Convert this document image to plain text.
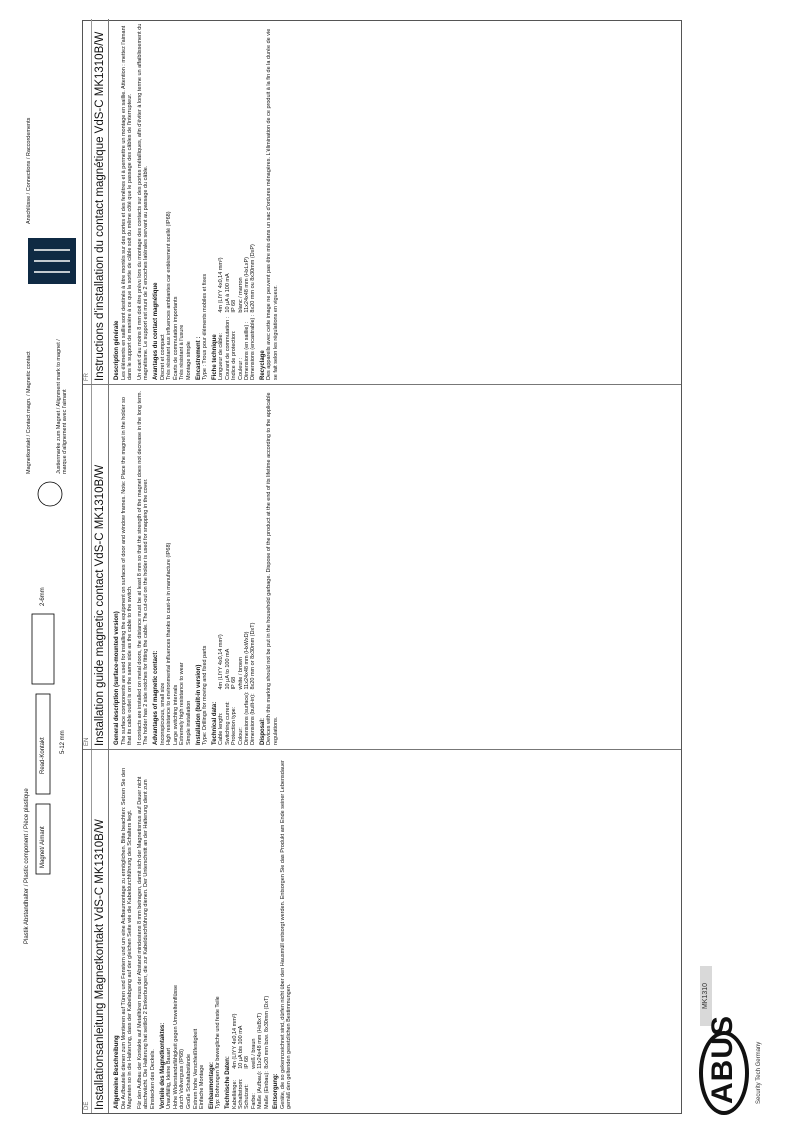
Plastik Abstandhalter / Plastic component / Pièce plastique Magnet/ Aimant
Read-Kontakt
2-6mm
5-12 mm
Justiermarke zum Magnet / Alignment mark to magnet / marque d'alignement avec l'aimant
Magnetkontakt / Contact magn. / Magnetic contact
Anschlüsse / Connections / Raccordements
DE Installationsanleitung Magnetkontakt VdS-C MK1310B/W	Allgemeine Beschreibung Die Aufbauteile dienen zum Montieren auf Türen und Fenstern und um eine Aufbaumontage zu ermöglichen. Bitte beachten: Setzen Sie den Magneten so in die Halterung, dass der Kabelabgang auf der gleichen Seite wie die Kabeldurchführung des Schalters liegt. Für den Aufbau der Kontakte auf Metalltüren muss der Abstand mindestens 8 mm betragen, damit sich der Magnetismus auf Dauer nicht abschwächt. Die Halterung hat seitlich 2 Einkerbungen, die zur Kabeldurchführung dienen. Der Unterschnitt an der Halterung dient zum Einstecken des Deckels. Vorteile des Magnetkontaktes: Unauffällig, kleine Bauart Hohe Widerstandsfähigkeit gegen Umwelteinflüsse durch Vollverguss (IP68) Große Schaltabstände Extrem hohe Verschleißfestigkeit Einfache Montage Einbaumontage: Typ: Bohrungen für bewegliche und feste Teile Technische Daten: Kabellänge:	4m (LIYY 4x0,14 mm²)
Schaltstrom:	10 µA bis 100 mA
Schutzart:	IP 68
Farbe:	weiß / braun
Maße (Aufbau):	11x24x48 mm (HxBxT)
Maße (Einbau):	8x20 mm bzw. 8x30mm (DxT)
Entsorgung: Geräte, die so gekennzeichnet sind, dürfen nicht über den Hausmüll entsorgt werden. Entsorgen Sie das Produkt am Ende seiner Lebensdauer gemäß den geltenden gesetzlichen Bestimmungen.

EN Installation guide magnetic contact VdS-C MK1310B/W	General description (surface-mounted version) The surface components are used for installing the equipment on surfaces of door and window frames. Note: Place the magnet in the holder so that its cable outlet is on the same side as the cable to the switch. If contacts are installed on metal doors, the distance must be at least 8 mm so that the strength of the magnet does not decrease in the long term. The holder has 2 side notches for fitting the cable. The cut-out on the holder is used for snapping in the cover. Advantages of magnetic contact: Inconspicuous, small size High resistance to environmental influences thanks to cast-in in manufacture (IP68) Large switching intervals Extremely high resistance to wear Simple installation Installation (built-in version) Type: Drillings for moving and fixed parts Technical data: Cable length:	4m (LIYY 4x0,14 mm²)
Switching current:	10 µA to 100 mA
Protection type:	IP 68
Colour:	white / brown
Dimensions (surface):	11x24x48 mm (HxWxD)
Dimensions (built-in):	8x20 mm or 8x30mm (DxT)
Disposal: Devices with this marking should not be put in the household garbage. Dispose of the product at the end of its lifetime according to the applicable regulations.

FR Instructions d'installation du contact magnétique VdS-C MK1310B/W	Description générale Les éléments en saillie sont destinés à être montés sur des portes et des fenêtres et à permettre un montage en saillie. Attention : mettez l'aimant dans le support de manière à ce que la sortie de câble soit du même côté que le passage des câbles de l'interrupteur. Un écart d'au moins 8 mm doit être prévu lors du montage des contacts sur des portes métalliques, afin d'éviter à long terme un affaiblissement du magnétisme. Le support est muni de 2 encoches latérales servant au passage du câble. Avantages du contact magnétique Discret et compact Très résistant aux influences ambiantes car entièrement scellé (IP68) Écarts de commutation importants Très résistant à l'usure Montage simple Encastrement : Type : Trous pour éléments mobiles et fixes Fiche technique Longueur de câble:	4m (LIYY 4x0,14 mm²)
Courant de commutation :	10 µA à 100 mA
Indice de protection:	IP 68
Couleur :	blanc / marron
Dimensions (en saillie) :	11x24x48 mm (HxLxP)
Dimensions (encastrable) :	8x20 mm ou 8x30mm (DxP)
Recyclage Des appareils avec cette image ne peuvent pas être mis dans un sac d'ordures ménagères. L'élimination de ce produit à la fin de la durée de vie se fait selon les régulations en vigueur.

MK1310
ABUS	Security Tech Germany
